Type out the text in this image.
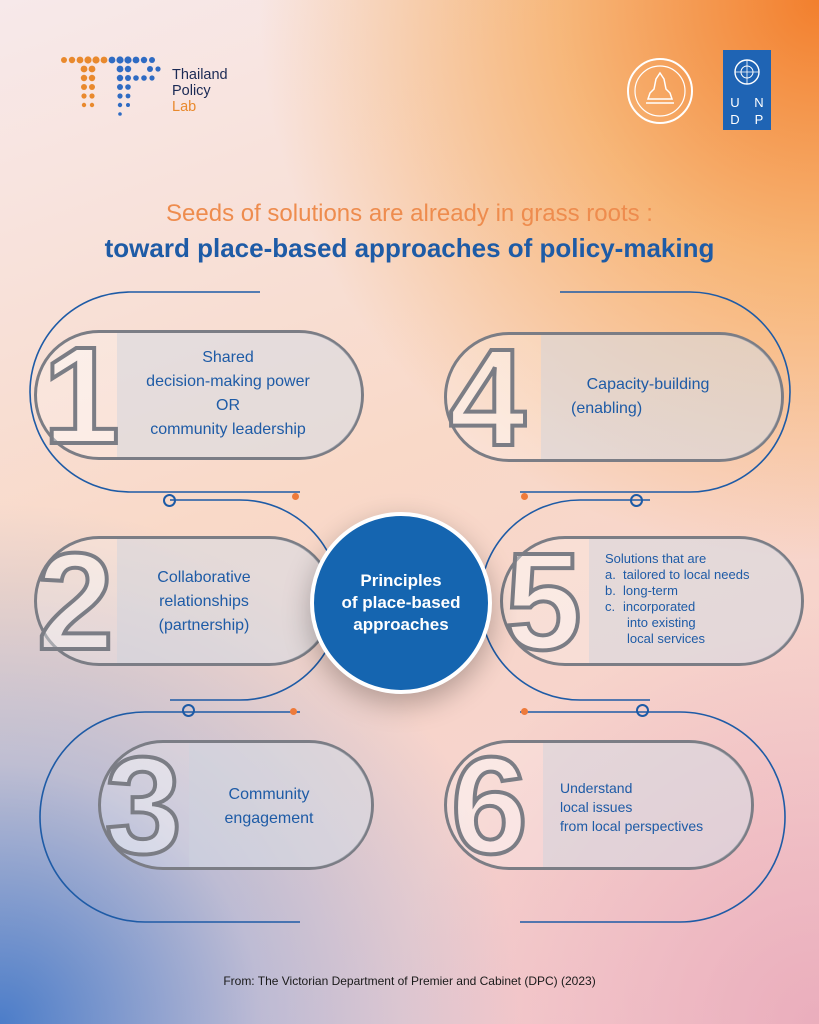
Thailand
Policy
Lab	U	N
D	P
Seeds of solutions are already in grass roots :
toward place-based approaches of policy-making
1	Shared
decision-making power
OR
community leadership 4	Capacity-building
(enabling)
2	Collaborative
relationships
(partnership) 5 Solutions that are
a. tailored to local needs
b. long-term
c. incorporated
into existing
local services
3	Community
engagement 6 Understand
local issues
from local perspectives
Principles
of place-based
approaches
From: The Victorian Department of Premier and Cabinet (DPC) (2023)
